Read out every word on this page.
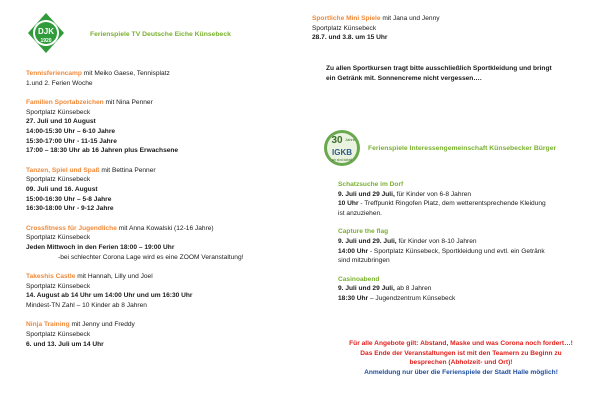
DJK
1920
Ferienspiele TV Deutsche Eiche Künsebeck
Tennisferiencamp mit Meiko Gaese, Tennisplatz
1.und 2. Ferien Woche
Familien Sportabzeichen mit Nina Penner
Sportplatz Künsebeck
27. Juli und 10 August
14:00-15:30 Uhr – 6-10 Jahre
15:30-17:00 Uhr - 11-15 Jahre
17:00 – 18:30 Uhr ab 16 Jahren plus Erwachsene
Tanzen, Spiel und Spaß mit Bettina Penner
Sportplatz Künsebeck
09. Juli und 16. August
15:00-16:30 Uhr – 5-8 Jahre
16:30-18:00 Uhr - 9-12 Jahre
Crossfitness für Jugendliche mit Anna Kowalski (12-16 Jahre)
Sportplatz Künsebeck
Jeden Mittwoch in den Ferien 18:00 – 19:00 Uhr
-bei schlechter Corona Lage wird es eine ZOOM Veranstaltung!
Takeshis Castle mit Hannah, Lilly und Joel
Sportplatz Künsebeck
14. August ab 14 Uhr um 14:00 Uhr und um 16:30 Uhr
Mindest-TN Zahl – 10 Kinder ab 8 Jahren
Ninja Training mit Jenny und Freddy
Sportplatz Künsebeck
6. und 13. Juli um 14 Uhr
Sportliche Mini Spiele mit Jana und Jenny
Sportplatz Künsebeck
28.7. und 3.8. um 15 Uhr
Zu allen Sportkursen tragt bitte ausschließlich Sportkleidung und bringt
ein Getränk mit. Sonnencreme nicht vergessen….
30 Jahre
IGKB
wir sind dabei!
Ferienspiele Interessengemeinschaft Künsebecker Bürger
Schatzsuche im Dorf
9. Juli und 29 Juli, für Kinder von 6-8 Jahren
10 Uhr - Treffpunkt Ringofen Platz, dem wetterentsprechende Kleidung
ist anzuziehen.
Capture the flag
9. Juli und 29. Juli, für Kinder von 8-10 Jahren
14:00 Uhr - Sportplatz Künsebeck, Sportkleidung und evtl. ein Getränk
sind mitzubringen
Casinoabend
9. Juli und 29 Juli, ab 8 Jahren
18:30 Uhr – Jugendzentrum Künsebeck
Für alle Angebote gilt: Abstand, Maske und was Corona noch fordert…!
Das Ende der Veranstaltungen ist mit den Teamern zu Beginn zu
besprechen (Abholzeit- und Ort)!
Anmeldung nur über die Ferienspiele der Stadt Halle möglich!
